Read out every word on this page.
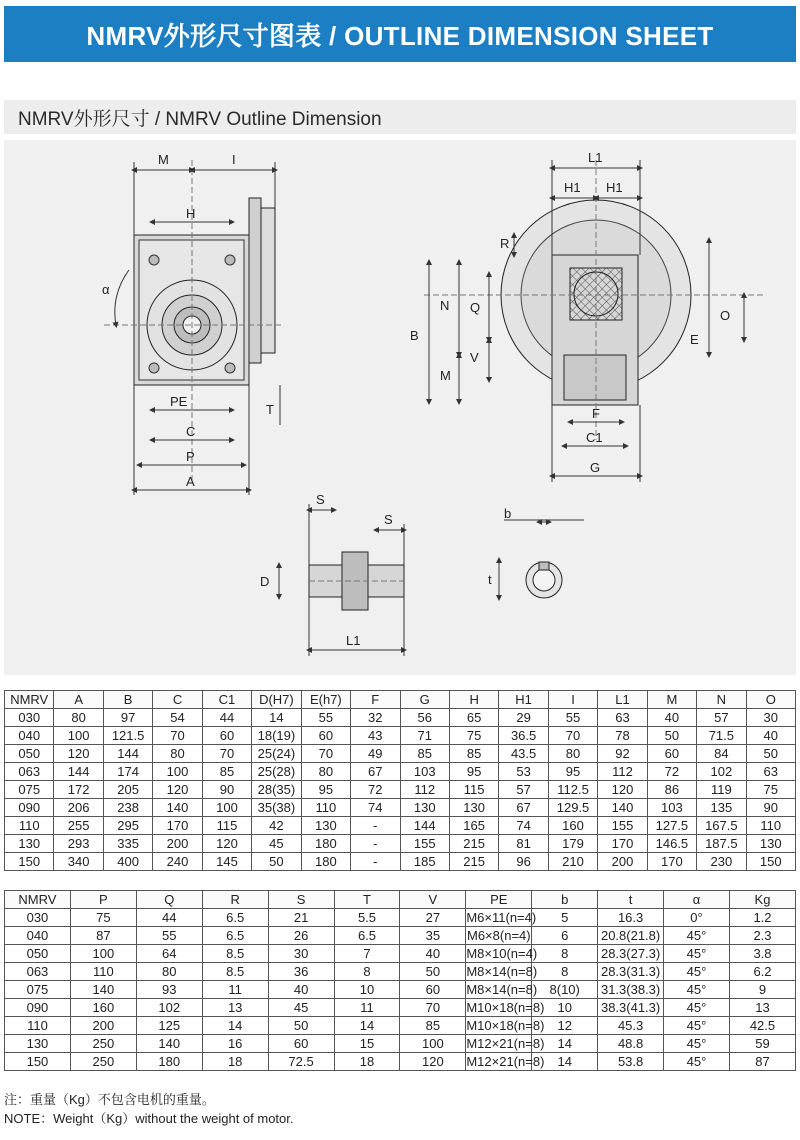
NMRV外形尺寸图表 / OUTLINE DIMENSION SHEET
NMRV外形尺寸 / NMRV Outline Dimension
M	I
H
α
PE
T
C
P
A
L1
H1 H1
R
B
N Q
V
M
O
E
F
C1
G
S
S
D
L1
b
t
NMRV	A	B	C	C1	D(H7)	E(h7)	F	G	H	H1	I	L1	M	N	O
030	80	97	54	44	14	55	32	56	65	29	55	63	40	57	30
040	100	121.5	70	60	18(19)	60	43	71	75	36.5	70	78	50	71.5	40
050	120	144	80	70	25(24)	70	49	85	85	43.5	80	92	60	84	50
063	144	174	100	85	25(28)	80	67	103	95	53	95	112	72	102	63
075	172	205	120	90	28(35)	95	72	112	115	57	112.5	120	86	119	75
090	206	238	140	100	35(38)	110	74	130	130	67	129.5	140	103	135	90
110	255	295	170	115	42	130	-	144	165	74	160	155	127.5	167.5	110
130	293	335	200	120	45	180	-	155	215	81	179	170	146.5	187.5	130
150	340	400	240	145	50	180	-	185	215	96	210	200	170	230	150
NMRV	P	Q	R	S	T	V	PE	b	t	α	Kg
030	75	44	6.5	21	5.5	27	M6×11(n=4)	5	16.3	0°	1.2
040	87	55	6.5	26	6.5	35	M6×8(n=4)	6	20.8(21.8)	45°	2.3
050	100	64	8.5	30	7	40	M8×10(n=4)	8	28.3(27.3)	45°	3.8
063	110	80	8.5	36	8	50	M8×14(n=8)	8	28.3(31.3)	45°	6.2
075	140	93	11	40	10	60	M8×14(n=8)	8(10)	31.3(38.3)	45°	9
090	160	102	13	45	11	70	M10×18(n=8)	10	38.3(41.3)	45°	13
110	200	125	14	50	14	85	M10×18(n=8)	12	45.3	45°	42.5
130	250	140	16	60	15	100	M12×21(n=8)	14	48.8	45°	59
150	250	180	18	72.5	18	120	M12×21(n=8)	14	53.8	45°	87
注：重量（Kg）不包含电机的重量。
NOTE：Weight（Kg）without the weight of motor.
